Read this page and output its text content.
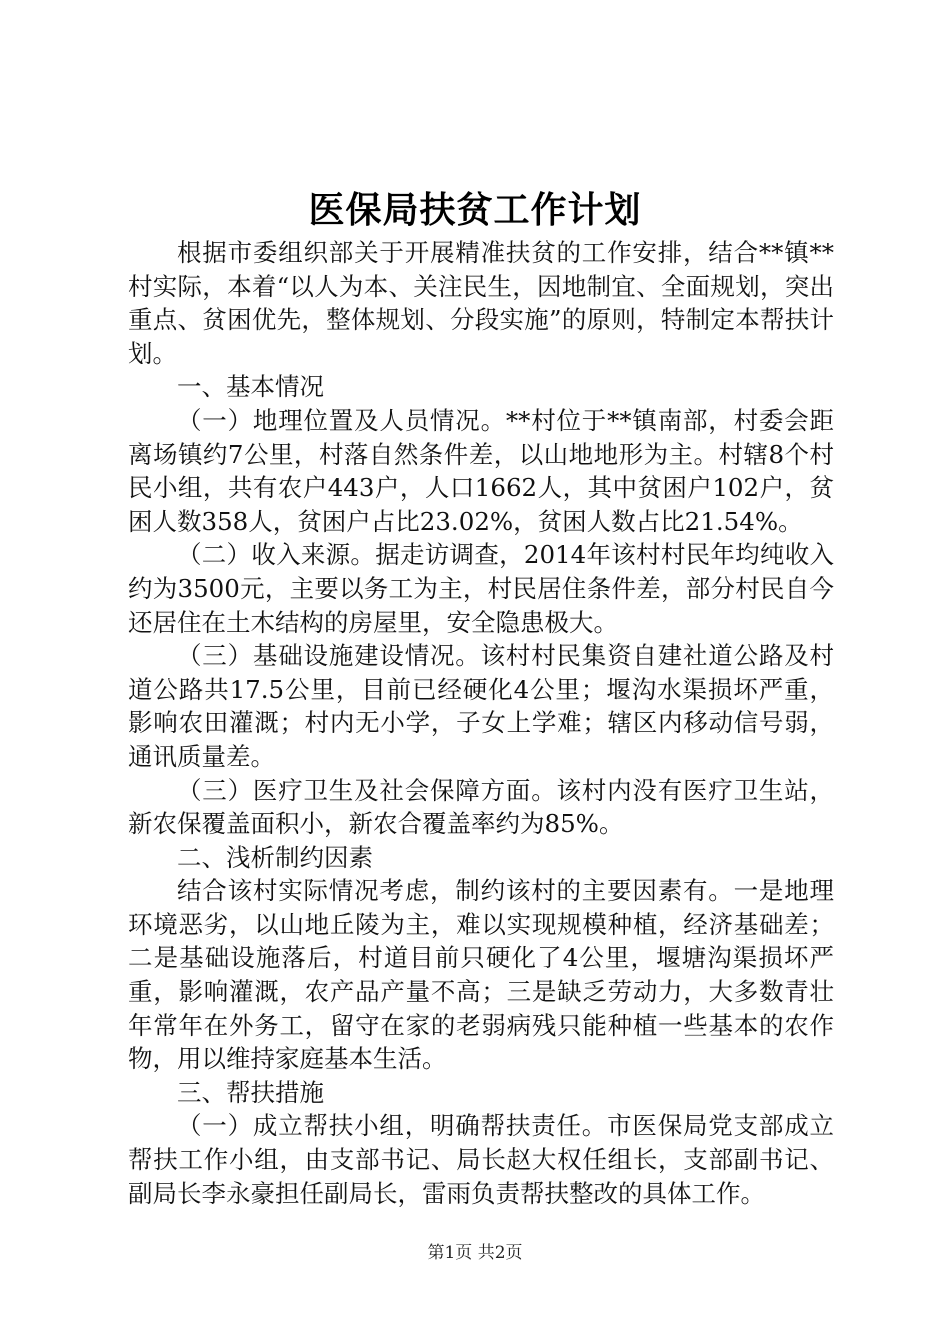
医保局扶贫工作计划

根据市委组织部关于开展精准扶贫的工作安排，结合**镇**村实际，本着“以人为本、关注民生，因地制宜、全面规划，突出重点、贫困优先，整体规划、分段实施”的原则，特制定本帮扶计划。

一、基本情况

（一）地理位置及人员情况。**村位于**镇南部，村委会距离场镇约7公里，村落自然条件差，以山地地形为主。村辖8个村民小组，共有农户443户，人口1662人，其中贫困户102户，贫困人数358人，贫困户占比23.02%，贫困人数占比21.54%。

（二）收入来源。据走访调查，2014年该村村民年均纯收入约为3500元，主要以务工为主，村民居住条件差，部分村民自今还居住在土木结构的房屋里，安全隐患极大。

（三）基础设施建设情况。该村村民集资自建社道公路及村道公路共17.5公里，目前已经硬化4公里；堰沟水渠损坏严重，影响农田灌溉；村内无小学，子女上学难；辖区内移动信号弱，通讯质量差。

（三）医疗卫生及社会保障方面。该村内没有医疗卫生站，新农保覆盖面积小，新农合覆盖率约为85%。

二、浅析制约因素

结合该村实际情况考虑，制约该村的主要因素有。一是地理环境恶劣，以山地丘陵为主，难以实现规模种植，经济基础差；二是基础设施落后，村道目前只硬化了4公里，堰塘沟渠损坏严重，影响灌溉，农产品产量不高；三是缺乏劳动力，大多数青壮年常年在外务工，留守在家的老弱病残只能种植一些基本的农作物，用以维持家庭基本生活。

三、帮扶措施

（一）成立帮扶小组，明确帮扶责任。市医保局党支部成立帮扶工作小组，由支部书记、局长赵大权任组长，支部副书记、副局长李永豪担任副局长，雷雨负责帮扶整改的具体工作。

第1页 共2页
